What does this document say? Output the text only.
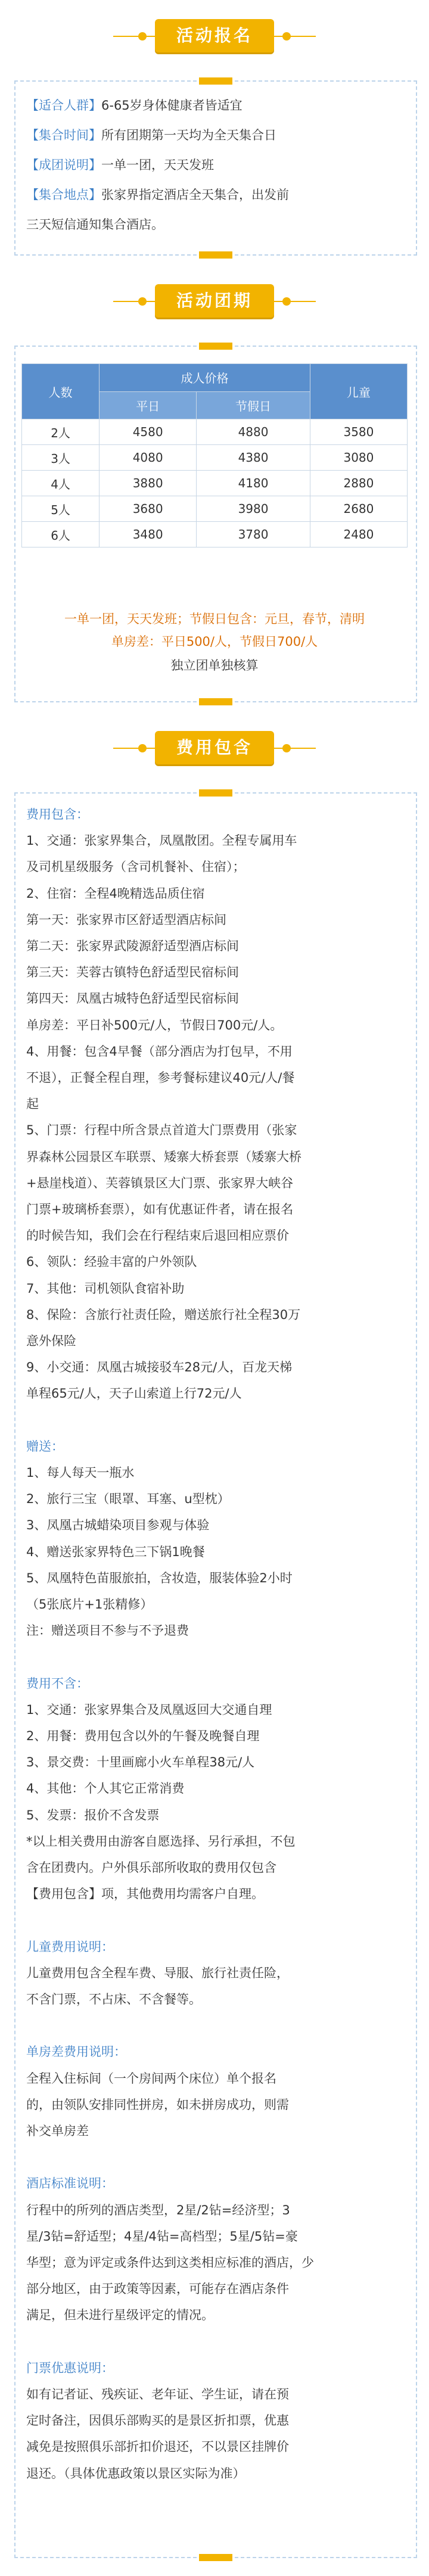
活动报名
活动团期
人数	成人价格		儿童
	平日	节假日	
2人	4580	4880	3580
3人	4080	4380	3080
4人	3880	4180	2880
5人	3680	3980	2680
6人	3480	3780	2480
一单一团，天天发班；节假日包含：元旦，春节，清明
单房差：平日500/人，节假日700/人
独立团单独核算
费用包含
【适合人群】6-65岁身体健康者皆适宜
【集合时间】所有团期第一天均为全天集合日
【成团说明】一单一团，天天发班
【集合地点】张家界指定酒店全天集合，出发前
三天短信通知集合酒店。
费用包含：
1、交通：张家界集合，凤凰散团。全程专属用车
及司机星级服务（含司机餐补、住宿）；
2、住宿：全程4晚精选品质住宿
第一天：张家界市区舒适型酒店标间
第二天：张家界武陵源舒适型酒店标间
第三天：芙蓉古镇特色舒适型民宿标间
第四天：凤凰古城特色舒适型民宿标间
单房差：平日补500元/人，节假日700元/人。
4、用餐：包含4早餐（部分酒店为打包早，不用
不退），正餐全程自理，参考餐标建议40元/人/餐
起
5、门票：行程中所含景点首道大门票费用（张家
界森林公园景区车联票、矮寨大桥套票（矮寨大桥
+悬崖栈道）、芙蓉镇景区大门票、张家界大峡谷
门票+玻璃桥套票），如有优惠证件者，请在报名
的时候告知，我们会在行程结束后退回相应票价
6、领队：经验丰富的户外领队
7、其他：司机领队食宿补助
8、保险：含旅行社责任险，赠送旅行社全程30万
意外保险
9、小交通：凤凰古城接驳车28元/人，百龙天梯
单程65元/人，天子山索道上行72元/人
赠送：
1、每人每天一瓶水
2、旅行三宝（眼罩、耳塞、u型枕）
3、凤凰古城蜡染项目参观与体验
4、赠送张家界特色三下锅1晚餐
5、凤凰特色苗服旅拍，含妆造，服装体验2小时
（5张底片+1张精修）
注：赠送项目不参与不予退费
费用不含：
1、交通：张家界集合及凤凰返回大交通自理
2、用餐：费用包含以外的午餐及晚餐自理
3、景交费：十里画廊小火车单程38元/人
4、其他：个人其它正常消费
5、发票：报价不含发票
*以上相关费用由游客自愿选择、另行承担，不包
含在团费内。户外俱乐部所收取的费用仅包含
【费用包含】项，其他费用均需客户自理。
儿童费用说明：
儿童费用包含全程车费、导服、旅行社责任险，
不含门票，不占床、不含餐等。
单房差费用说明：
全程入住标间（一个房间两个床位）单个报名
的，由领队安排同性拼房，如未拼房成功，则需
补交单房差
酒店标准说明：
行程中的所列的酒店类型，2星/2钻=经济型；3
星/3钻=舒适型；4星/4钻=高档型；5星/5钻=豪
华型；意为评定或条件达到这类相应标准的酒店，少
部分地区，由于政策等因素，可能存在酒店条件
满足，但未进行星级评定的情况。
门票优惠说明：
如有记者证、残疾证、老年证、学生证，请在预
定时备注，因俱乐部购买的是景区折扣票，优惠
减免是按照俱乐部折扣价退还，不以景区挂牌价
退还。（具体优惠政策以景区实际为准）
